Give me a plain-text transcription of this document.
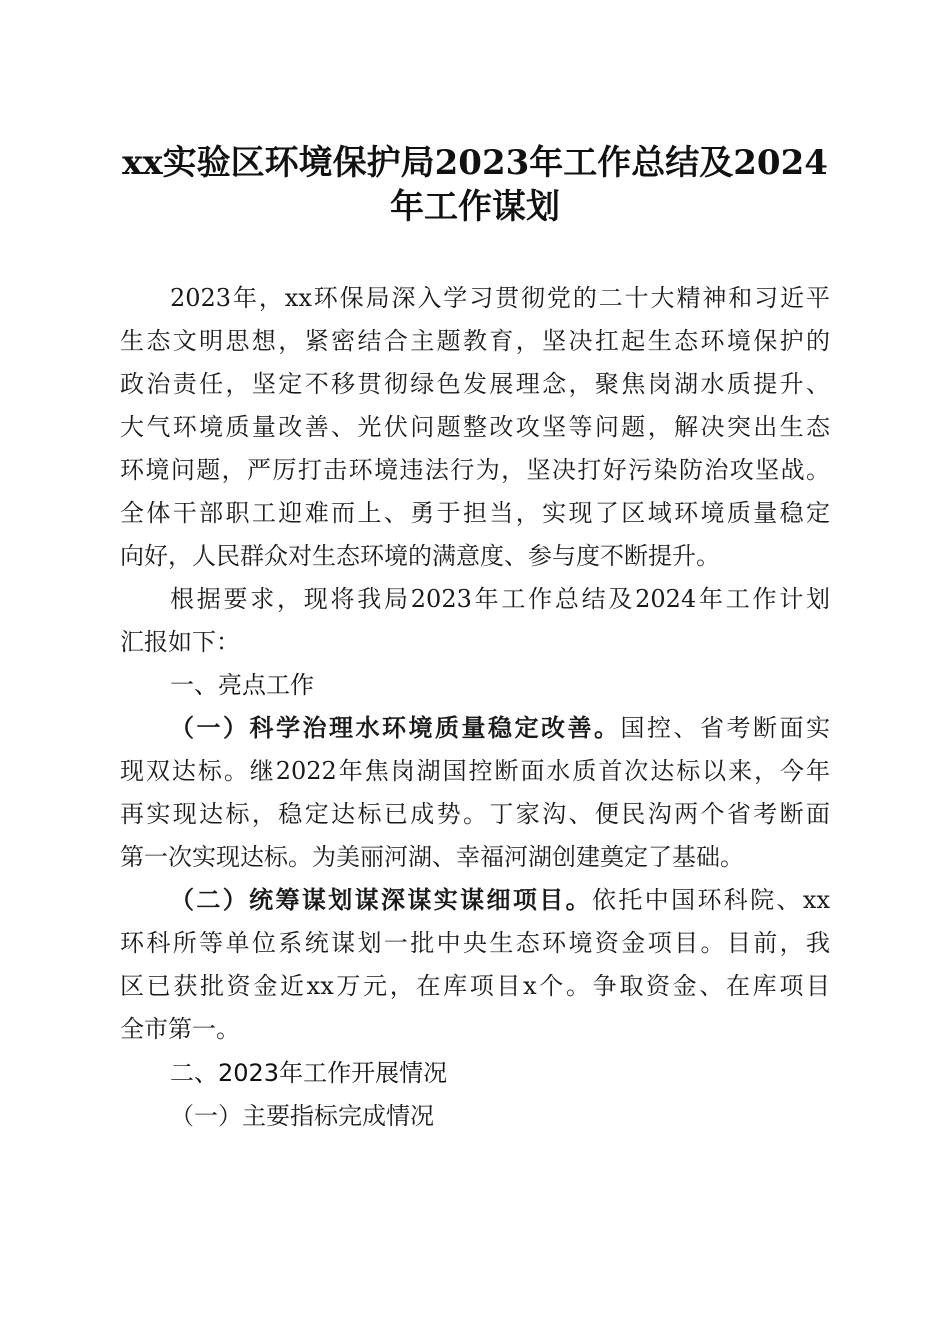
xx实验区环境保护局2023年工作总结及2024
年工作谋划
2023年，xx环保局深入学习贯彻党的二十大精神和习近平
生态文明思想，紧密结合主题教育，坚决扛起生态环境保护的
政治责任，坚定不移贯彻绿色发展理念，聚焦岗湖水质提升、
大气环境质量改善、光伏问题整改攻坚等问题，解决突出生态
环境问题，严厉打击环境违法行为，坚决打好污染防治攻坚战。
全体干部职工迎难而上、勇于担当，实现了区域环境质量稳定
向好，人民群众对生态环境的满意度、参与度不断提升。
根据要求，现将我局2023年工作总结及2024年工作计划
汇报如下：
一、亮点工作
（一）科学治理水环境质量稳定改善。国控、省考断面实
现双达标。继2022年焦岗湖国控断面水质首次达标以来，今年
再实现达标，稳定达标已成势。丁家沟、便民沟两个省考断面
第一次实现达标。为美丽河湖、幸福河湖创建奠定了基础。
（二）统筹谋划谋深谋实谋细项目。依托中国环科院、xx
环科所等单位系统谋划一批中央生态环境资金项目。目前，我
区已获批资金近xx万元，在库项目x个。争取资金、在库项目
全市第一。
二、2023年工作开展情况
（一）主要指标完成情况
